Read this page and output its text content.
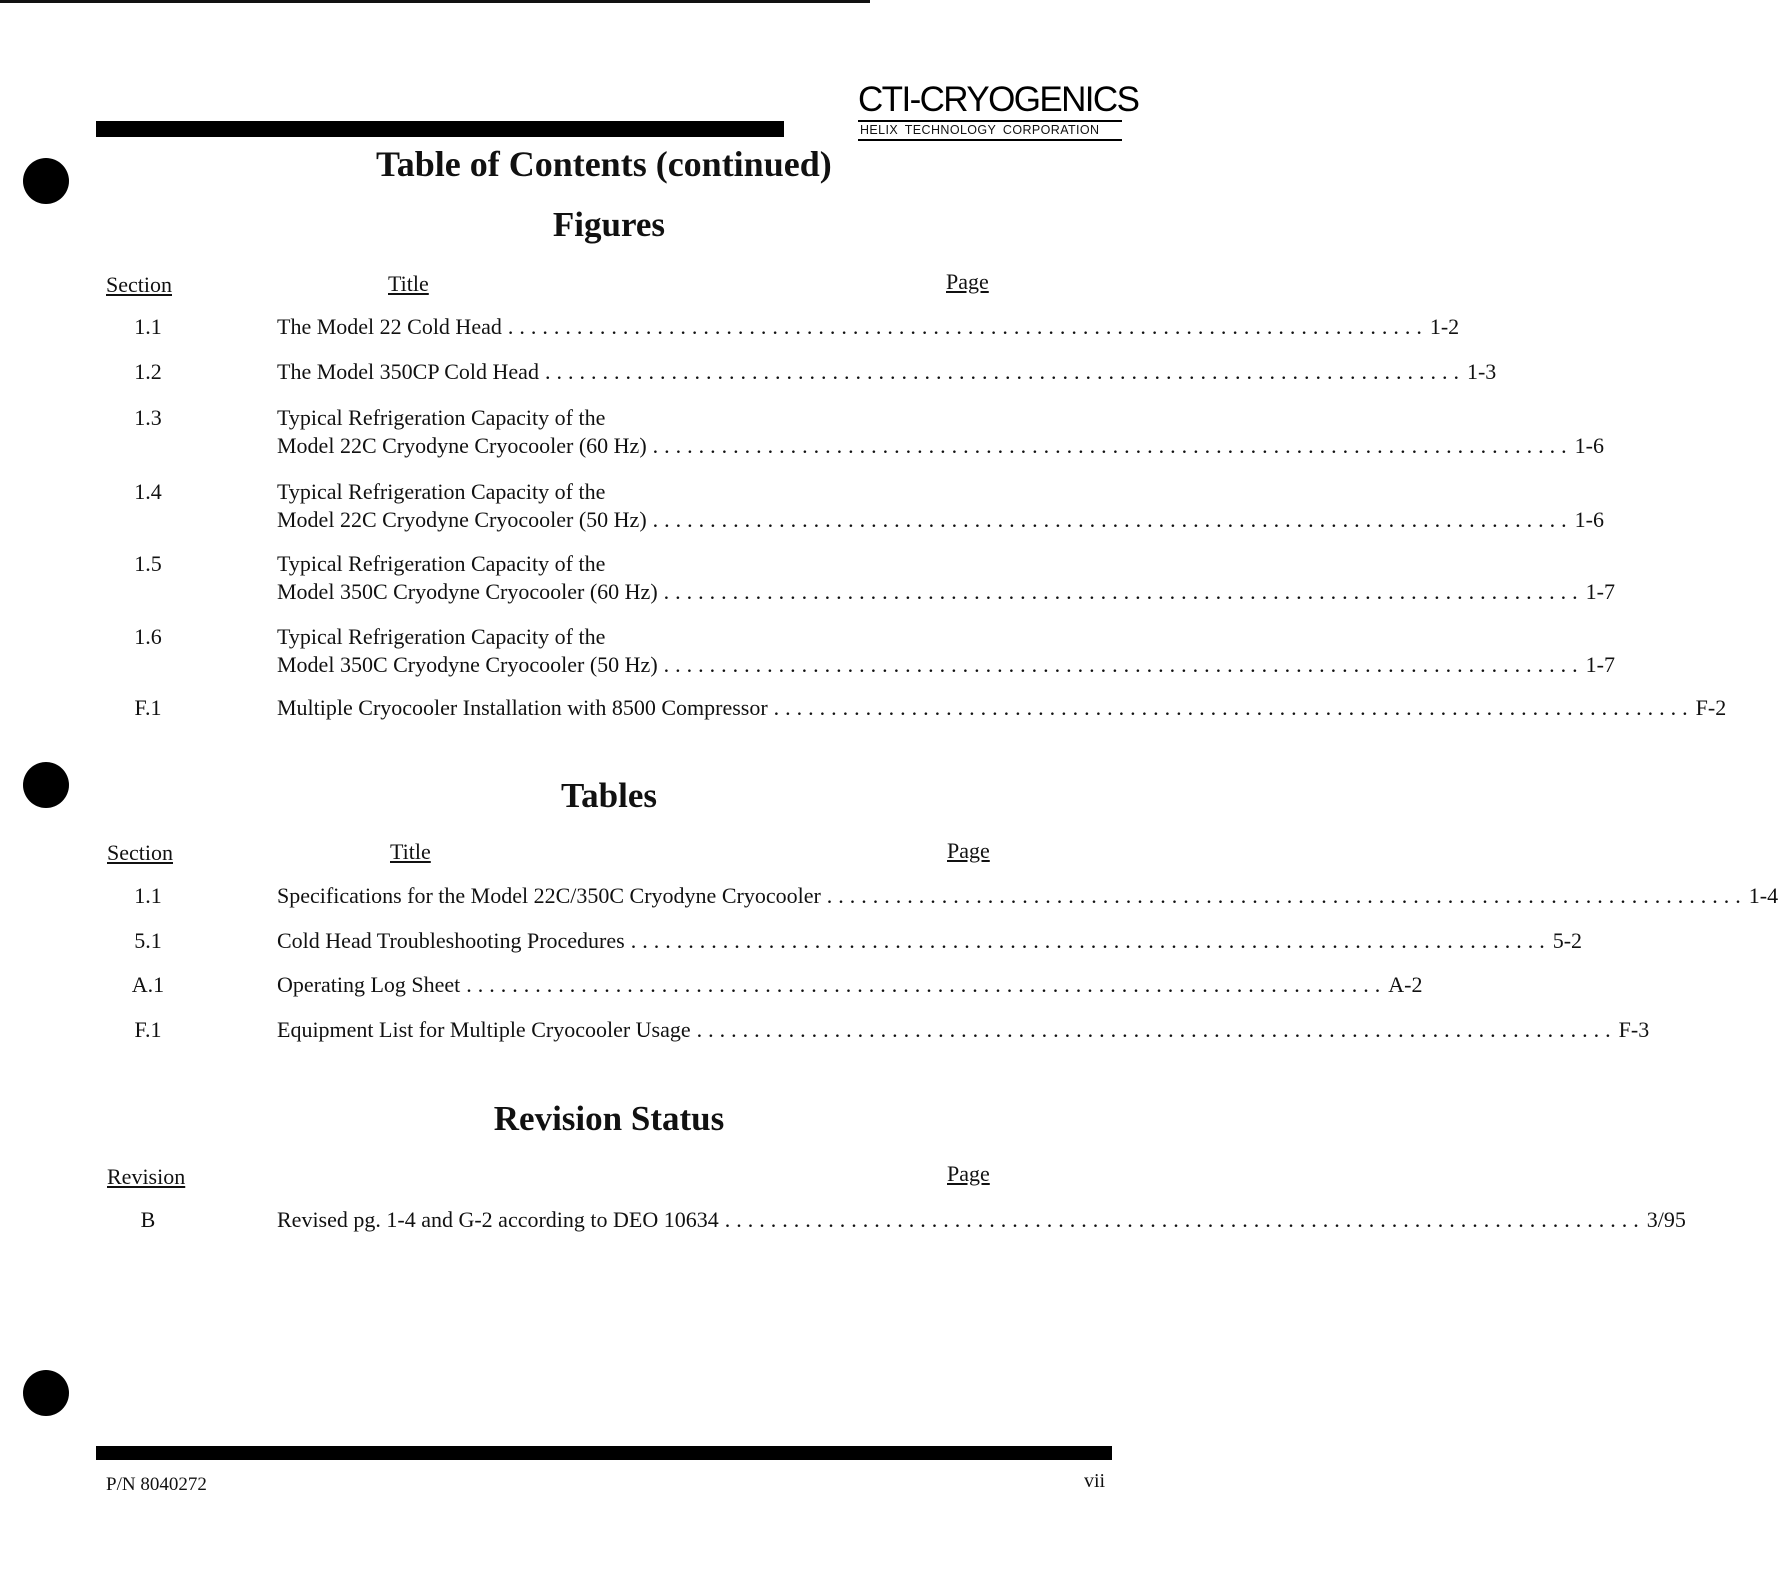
CTI-CRYOGENICS
HELIX TECHNOLOGY CORPORATION
Table of Contents (continued)
Figures
Section	Title	Page
1.1	The Model 22 Cold Head ................................................................................ 1-2
1.2	The Model 350CP Cold Head ................................................................................ 1-3
1.3	Typical Refrigeration Capacity of the
Model 22C Cryodyne Cryocooler (60 Hz) ................................................................................ 1-6
1.4	Typical Refrigeration Capacity of the
Model 22C Cryodyne Cryocooler (50 Hz) ................................................................................ 1-6
1.5	Typical Refrigeration Capacity of the
Model 350C Cryodyne Cryocooler (60 Hz) ................................................................................ 1-7
1.6	Typical Refrigeration Capacity of the
Model 350C Cryodyne Cryocooler (50 Hz) ................................................................................ 1-7
F.1	Multiple Cryocooler Installation with 8500 Compressor ................................................................................ F-2
Tables
Section	Title	Page
1.1	Specifications for the Model 22C/350C Cryodyne Cryocooler ................................................................................ 1-4
5.1	Cold Head Troubleshooting Procedures ................................................................................ 5-2
A.1	Operating Log Sheet ................................................................................ A-2
F.1	Equipment List for Multiple Cryocooler Usage ................................................................................ F-3
Revision Status
Revision	Page
B	Revised pg. 1-4 and G-2 according to DEO 10634 ................................................................................ 3/95
P/N 8040272	vii
